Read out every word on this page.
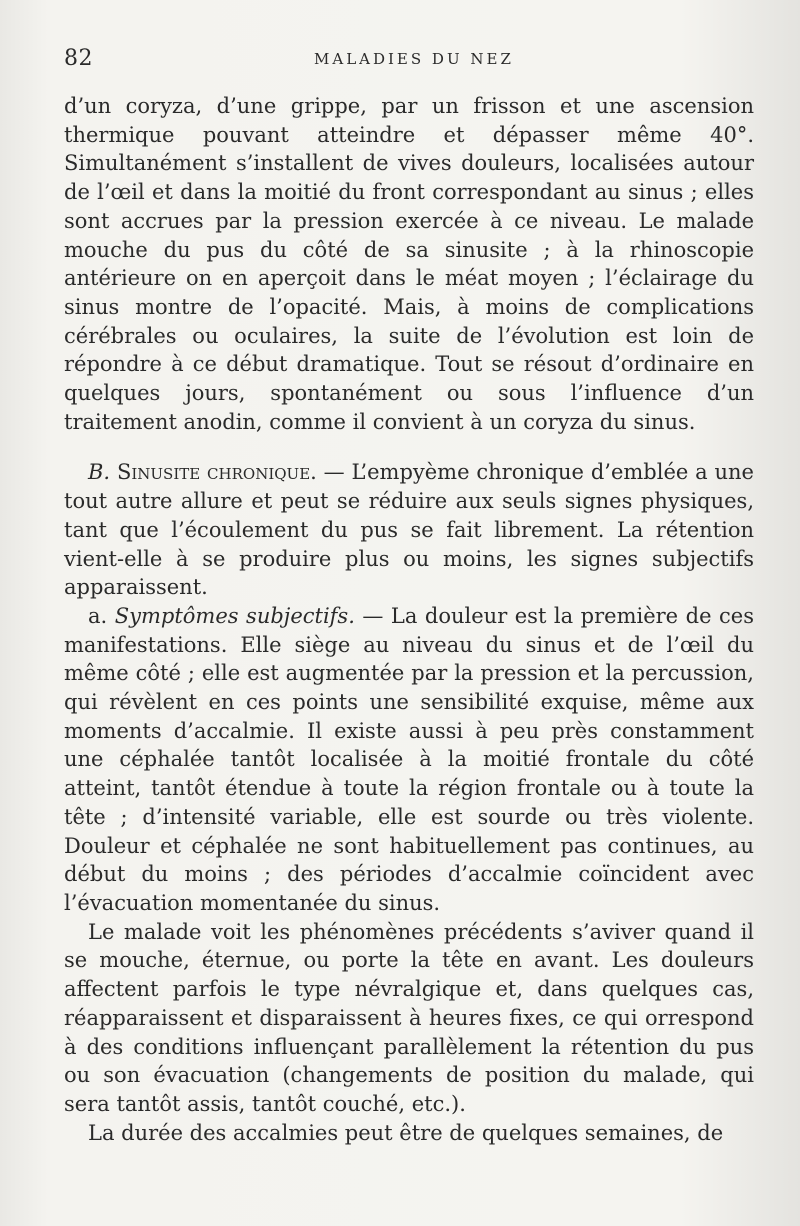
82	MALADIES DU NEZ

d’un coryza, d’une grippe, par un frisson et une ascension thermique pouvant atteindre et dépasser même 40°. Simultanément s’installent de vives douleurs, localisées autour de l’œil et dans la moitié du front correspondant au sinus ; elles sont accrues par la pression exercée à ce niveau. Le malade mouche du pus du côté de sa sinusite ; à la rhinoscopie antérieure on en aperçoit dans le méat moyen ; l’éclairage du sinus montre de l’opacité. Mais, à moins de complications cérébrales ou oculaires, la suite de l’évolution est loin de répondre à ce début dramatique. Tout se résout d’ordinaire en quelques jours, spontanément ou sous l’influence d’un traitement anodin, comme il convient à un coryza du sinus.

B. Sinusite chronique. — L’empyème chronique d’emblée a une tout autre allure et peut se réduire aux seuls signes physiques, tant que l’écoulement du pus se fait librement. La rétention vient-elle à se produire plus ou moins, les signes subjectifs apparaissent.

a. Symptômes subjectifs. — La douleur est la première de ces manifestations. Elle siège au niveau du sinus et de l’œil du même côté ; elle est augmentée par la pression et la percussion, qui révèlent en ces points une sensibilité exquise, même aux moments d’accalmie. Il existe aussi à peu près constamment une céphalée tantôt localisée à la moitié frontale du côté atteint, tantôt étendue à toute la région frontale ou à toute la tête ; d’intensité variable, elle est sourde ou très violente. Douleur et céphalée ne sont habituellement pas continues, au début du moins ; des périodes d’accalmie coïncident avec l’évacuation momentanée du sinus.

Le malade voit les phénomènes précédents s’aviver quand il se mouche, éternue, ou porte la tête en avant. Les douleurs affectent parfois le type névralgique et, dans quelques cas, réapparaissent et disparaissent à heures fixes, ce qui orrespond à des conditions influençant parallèlement la rétention du pus ou son évacuation (changements de position du malade, qui sera tantôt assis, tantôt couché, etc.).

La durée des accalmies peut être de quelques semaines, de
